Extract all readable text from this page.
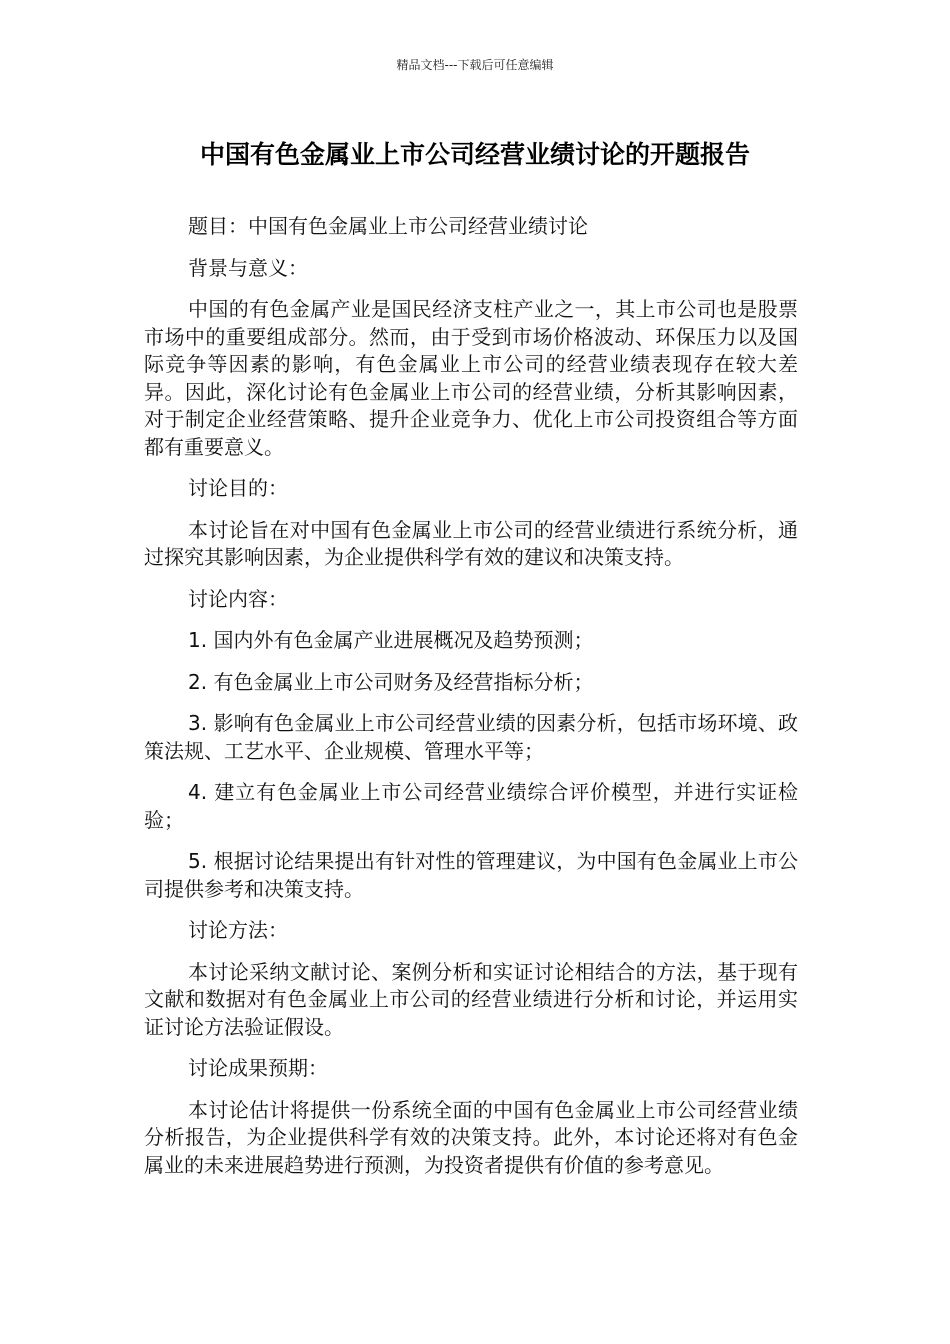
精品文档---下载后可任意编辑
中国有色金属业上市公司经营业绩讨论的开题报告

题目：中国有色金属业上市公司经营业绩讨论

背景与意义：

中国的有色金属产业是国民经济支柱产业之一，其上市公司也是股票市场中的重要组成部分。然而，由于受到市场价格波动、环保压力以及国际竞争等因素的影响，有色金属业上市公司的经营业绩表现存在较大差异。因此，深化讨论有色金属业上市公司的经营业绩，分析其影响因素，对于制定企业经营策略、提升企业竞争力、优化上市公司投资组合等方面都有重要意义。

讨论目的：

本讨论旨在对中国有色金属业上市公司的经营业绩进行系统分析，通过探究其影响因素，为企业提供科学有效的建议和决策支持。

讨论内容：

1. 国内外有色金属产业进展概况及趋势预测；

2. 有色金属业上市公司财务及经营指标分析；

3. 影响有色金属业上市公司经营业绩的因素分析，包括市场环境、政策法规、工艺水平、企业规模、管理水平等；

4. 建立有色金属业上市公司经营业绩综合评价模型，并进行实证检验；

5. 根据讨论结果提出有针对性的管理建议，为中国有色金属业上市公司提供参考和决策支持。

讨论方法：

本讨论采纳文献讨论、案例分析和实证讨论相结合的方法，基于现有文献和数据对有色金属业上市公司的经营业绩进行分析和讨论，并运用实证讨论方法验证假设。

讨论成果预期：

本讨论估计将提供一份系统全面的中国有色金属业上市公司经营业绩分析报告，为企业提供科学有效的决策支持。此外，本讨论还将对有色金属业的未来进展趋势进行预测，为投资者提供有价值的参考意见。
